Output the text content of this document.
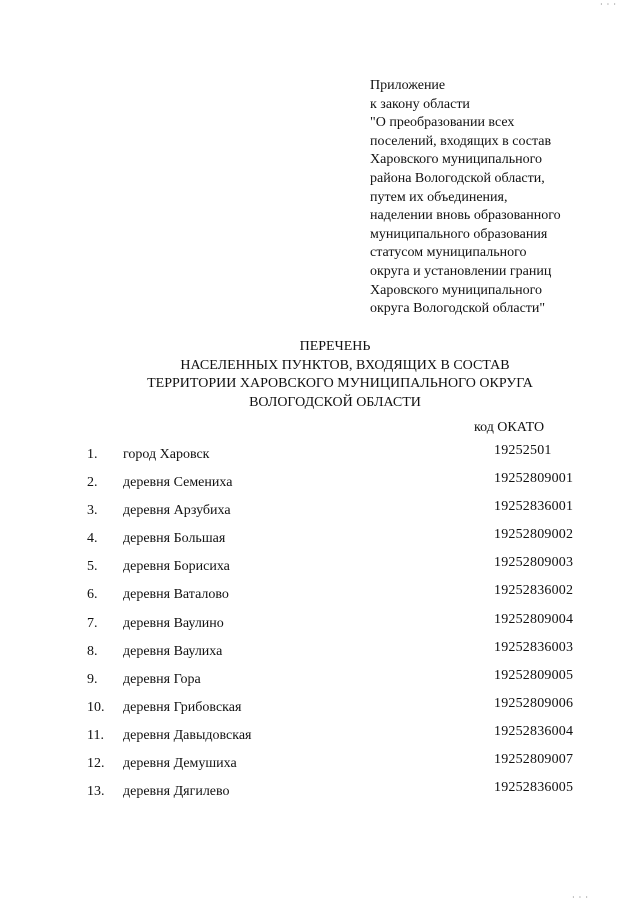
· · ·
Приложение
к закону области
"О преобразовании всех
поселений, входящих в состав
Харовского муниципального
района Вологодской области,
путем их объединения,
наделении вновь образованного
муниципального образования
статусом муниципального
округа и установлении границ
Харовского муниципального
округа Вологодской области"
ПЕРЕЧЕНЬ
НАСЕЛЕННЫХ ПУНКТОВ, ВХОДЯЩИХ В СОСТАВ
ТЕРРИТОРИИ ХАРОВСКОГО МУНИЦИПАЛЬНОГО ОКРУГА
ВОЛОГОДСКОЙ ОБЛАСТИ
код ОКАТО
1.	город Харовск	19252501
2.	деревня Семениха	19252809001
3.	деревня Арзубиха	19252836001
4.	деревня Большая	19252809002
5.	деревня Борисиха	19252809003
6.	деревня Ваталово	19252836002
7.	деревня Ваулино	19252809004
8.	деревня Ваулиха	19252836003
9.	деревня Гора	19252809005
10.	деревня Грибовская	19252809006
11.	деревня Давыдовская	19252836004
12.	деревня Демушиха	19252809007
13.	деревня Дягилево	19252836005
· · ·
